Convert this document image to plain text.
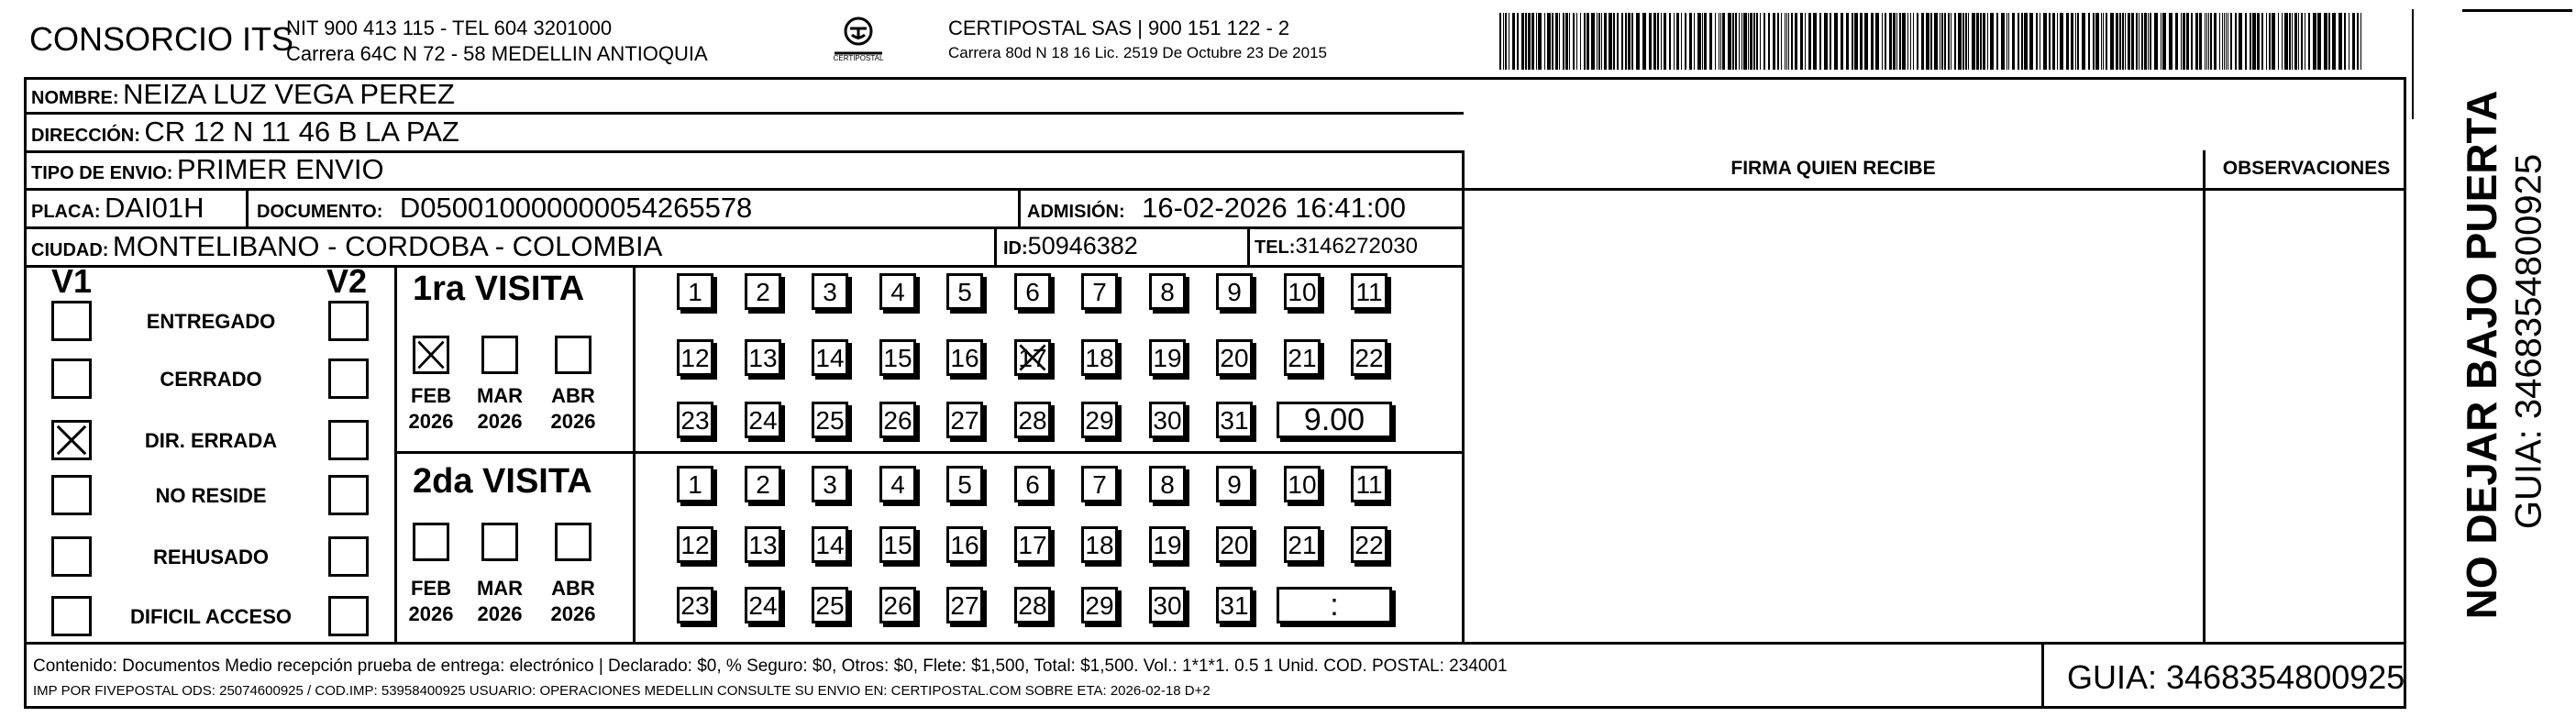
CONSORCIO ITS
NIT 900 413 115 - TEL 604 3201000
Carrera 64C N 72 - 58 MEDELLIN ANTIOQUIA	CERTIPOSTAL
CERTIPOSTAL SAS | 900 151 122 - 2
Carrera 80d N 18 16 Lic. 2519 De Octubre 23 De 2015
NOMBRE: NEIZA LUZ VEGA PEREZ
DIRECCIÓN: CR 12 N 11 46 B LA PAZ
TIPO DE ENVIO: PRIMER ENVIO
PLACA: DAI01H	DOCUMENTO: D050010000000054265578	ADMISIÓN: 16-02-2026 16:41:00
CIUDAD: MONTELIBANO - CORDOBA - COLOMBIA	ID:50946382	TEL:3146272030
FIRMA QUIEN RECIBE	OBSERVACIONES
V1	V2
ENTREGADO
CERRADO
DIR. ERRADA
NO RESIDE
REHUSADO
DIFICIL ACCESO
1ra VISITA
2da VISITA
FEB
2026
MAR
2026
ABR
2026
FEB
2026
MAR
2026
ABR
2026
1	2	3	4	5	6	7	8	9	10 11
12 13 14 15 16 17 18 19 20 21 22
23 24 25 26 27 28 29 30 31	9.00
1	2	3	4	5	6	7	8	9	10 11
12 13 14 15 16 17 18 19 20 21 22
23 24 25 26 27 28 29 30 31	:
Contenido: Documentos Medio recepción prueba de entrega: electrónico | Declarado: $0, % Seguro: $0, Otros: $0, Flete: $1,500, Total: $1,500. Vol.: 1*1*1. 0.5 1 Unid. COD. POSTAL: 234001
IMP POR FIVEPOSTAL ODS: 25074600925 / COD.IMP: 53958400925 USUARIO: OPERACIONES MEDELLIN CONSULTE SU ENVIO EN: CERTIPOSTAL.COM SOBRE ETA: 2026-02-18 D+2	GUIA: 3468354800925
NO DEJAR BAJO PUERTA GUIA: 3468354800925
